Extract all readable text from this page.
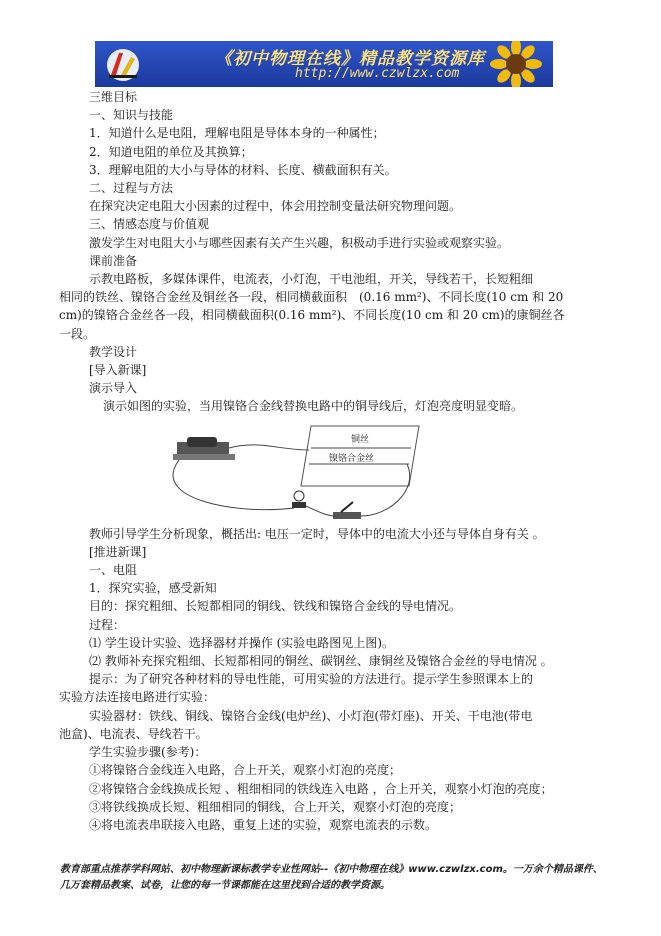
《初中物理在线》精品教学资源库
http://www.czwlzx.com

三维目标

一、知识与技能

1．知道什么是电阻，理解电阻是导体本身的一种属性；

2．知道电阻的单位及其换算；

3．理解电阻的大小与导体的材料、长度、横截面积有关。

二、过程与方法

在探究决定电阻大小因素的过程中，体会用控制变量法研究物理问题。

三、情感态度与价值观

激发学生对电阻大小与哪些因素有关产生兴趣，积极动手进行实验或观察实验。

课前准备

示教电路板，多媒体课件，电流表，小灯泡，干电池组，开关，导线若干，长短粗细

相同的铁丝、镍铬合金丝及铜丝各一段，相同横截面积　(0.16 mm²)、不同长度(10 cm 和 20

cm)的镍铬合金丝各一段，相同横截面积(0.16 mm²)、不同长度(10 cm 和 20 cm)的康铜丝各

一段。

教学设计

[导入新课]

演示导入

演示如图的实验，当用镍铬合金线替换电路中的铜导线后，灯泡亮度明显变暗。

铜丝
镍铬合金丝

教师引导学生分析现象，概括出: 电压一定时，导体中的电流大小还与导体自身有关 。

[推进新课]

一、电阻

1．探究实验，感受新知

目的：探究粗细、长短都相同的铜线、铁线和镍铬合金线的导电情况。

过程：

⑴ 学生设计实验、选择器材并操作 (实验电路图见上图)。

⑵ 教师补充探究粗细、长短都相同的铜丝、碳钢丝、康铜丝及镍铬合金丝的导电情况 。

提示：为了研究各种材料的导电性能，可用实验的方法进行。提示学生参照课本上的

实验方法连接电路进行实验：

实验器材：铁线、铜线、镍铬合金线(电炉丝)、小灯泡(带灯座)、开关、干电池(带电

池盒)、电流表、导线若干。

学生实验步骤(参考)：

①将镍铬合金线连入电路，合上开关，观察小灯泡的亮度；

②将镍铬合金线换成长短 、粗细相同的铁线连入电路 ，合上开关，观察小灯泡的亮度；

③将铁线换成长短、粗细相同的铜线，合上开关，观察小灯泡的亮度；

④将电流表串联接入电路，重复上述的实验，观察电流表的示数。

教育部重点推荐学科网站、初中物理新课标教学专业性网站--《初中物理在线》www.czwlzx.com。一万余个精品课件、
几万套精品教案、试卷，让您的每一节课都能在这里找到合适的教学资源。
